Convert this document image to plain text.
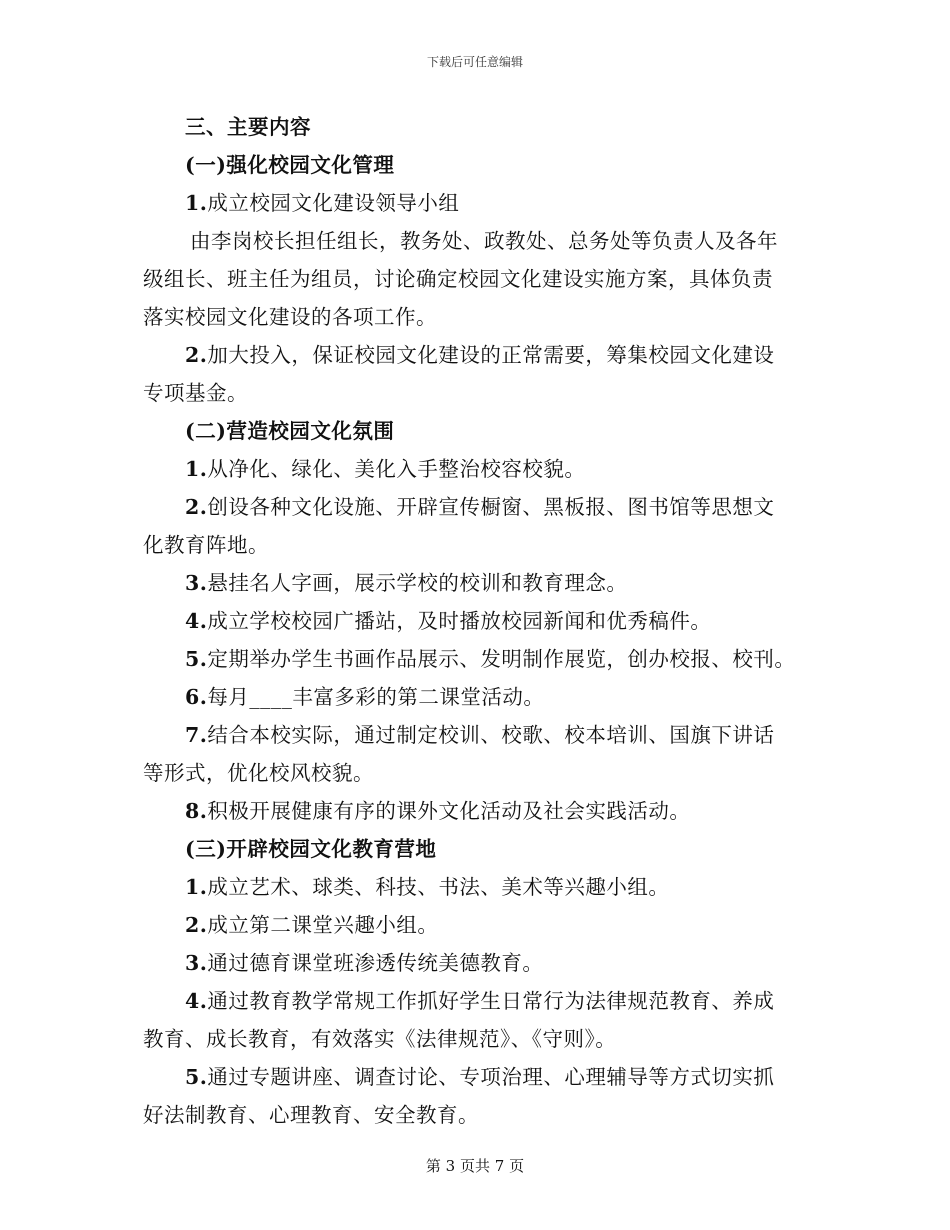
下载后可任意编辑
三、主要内容
(一)强化校园文化管理
1.成立校园文化建设领导小组
由李岗校长担任组长，教务处、政教处、总务处等负责人及各年
级组长、班主任为组员，讨论确定校园文化建设实施方案，具体负责
落实校园文化建设的各项工作。
2.加大投入，保证校园文化建设的正常需要，筹集校园文化建设
专项基金。
(二)营造校园文化氛围
1.从净化、绿化、美化入手整治校容校貌。
2.创设各种文化设施、开辟宣传橱窗、黑板报、图书馆等思想文
化教育阵地。
3.悬挂名人字画，展示学校的校训和教育理念。
4.成立学校校园广播站，及时播放校园新闻和优秀稿件。
5.定期举办学生书画作品展示、发明制作展览，创办校报、校刊。
6.每月____丰富多彩的第二课堂活动。
7.结合本校实际，通过制定校训、校歌、校本培训、国旗下讲话
等形式，优化校风校貌。
8.积极开展健康有序的课外文化活动及社会实践活动。
(三)开辟校园文化教育营地
1.成立艺术、球类、科技、书法、美术等兴趣小组。
2.成立第二课堂兴趣小组。
3.通过德育课堂班渗透传统美德教育。
4.通过教育教学常规工作抓好学生日常行为法律规范教育、养成
教育、成长教育，有效落实《法律规范》、《守则》。
5.通过专题讲座、调查讨论、专项治理、心理辅导等方式切实抓
好法制教育、心理教育、安全教育。
第 3 页共 7 页
